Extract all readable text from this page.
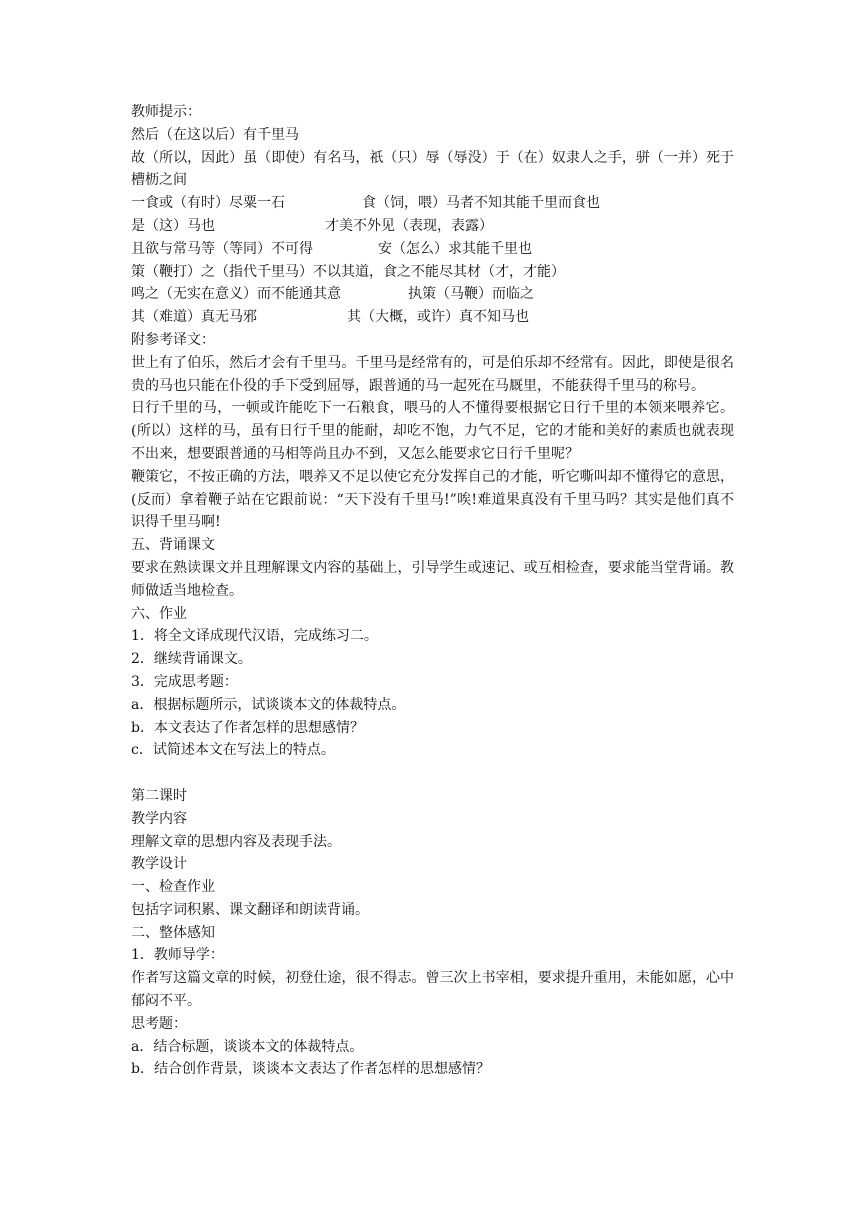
教师提示：
然后（在这以后）有千里马
故（所以，因此）虽（即使）有名马，祇（只）辱（辱没）于（在）奴隶人之手，骈（一并）死于槽枥之间
一食或（有时）尽粟一石	食（饲，喂）马者不知其能千里而食也
是（这）马也	才美不外见（表现，表露）
且欲与常马等（等同）不可得	安（怎么）求其能千里也
策（鞭打）之（指代千里马）不以其道，食之不能尽其材（才，才能）
鸣之（无实在意义）而不能通其意	执策（马鞭）而临之
其（难道）真无马邪	其（大概，或许）真不知马也
附参考译文：
世上有了伯乐，然后才会有千里马。千里马是经常有的，可是伯乐却不经常有。因此，即使是很名贵的马也只能在仆役的手下受到屈辱，跟普通的马一起死在马厩里，不能获得千里马的称号。
日行千里的马，一顿或许能吃下一石粮食，喂马的人不懂得要根据它日行千里的本领来喂养它。(所以）这样的马，虽有日行千里的能耐，却吃不饱，力气不足，它的才能和美好的素质也就表现不出来，想要跟普通的马相等尚且办不到，又怎么能要求它日行千里呢？
鞭策它，不按正确的方法，喂养又不足以使它充分发挥自己的才能，听它嘶叫却不懂得它的意思，(反而）拿着鞭子站在它跟前说：“天下没有千里马!”唉!难道果真没有千里马吗？其实是他们真不识得千里马啊!
五、背诵课文
要求在熟读课文并且理解课文内容的基础上，引导学生或速记、或互相检查，要求能当堂背诵。教师做适当地检查。
六、作业
1．将全文译成现代汉语，完成练习二。
2．继续背诵课文。
3．完成思考题：
a．根据标题所示，试谈谈本文的体裁特点。
b．本文表达了作者怎样的思想感情？
c．试简述本文在写法上的特点。
第二课时
教学内容
理解文章的思想内容及表现手法。
教学设计
一、检查作业
包括字词积累、课文翻译和朗读背诵。
二、整体感知
1．教师导学：
作者写这篇文章的时候，初登仕途，很不得志。曾三次上书宰相，要求提升重用，未能如愿，心中郁闷不平。
思考题：
a．结合标题，谈谈本文的体裁特点。
b．结合创作背景，谈谈本文表达了作者怎样的思想感情？
